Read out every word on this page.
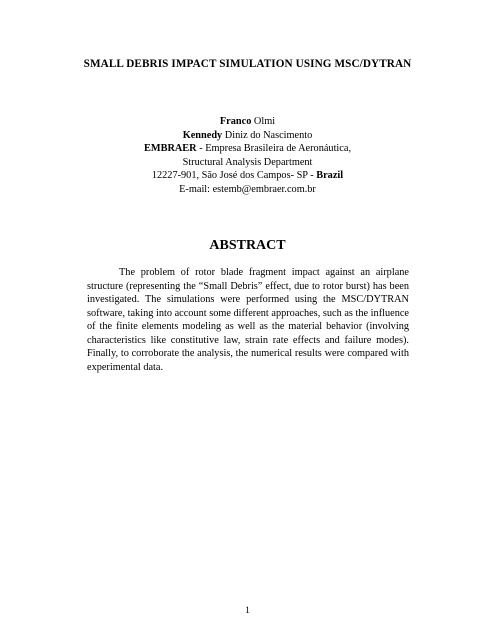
SMALL DEBRIS IMPACT SIMULATION USING MSC/DYTRAN
Franco Olmi
Kennedy Diniz do Nascimento
EMBRAER - Empresa Brasileira de Aeronáutica,
Structural Analysis Department
12227-901, São José dos Campos- SP - Brazil
E-mail: estemb@embraer.com.br
ABSTRACT
The problem of rotor blade fragment impact against an airplane structure (representing the “Small Debris” effect, due to rotor burst) has been investigated. The simulations were performed using the MSC/DYTRAN software, taking into account some different approaches, such as the influence of the finite elements modeling as well as the material behavior (involving characteristics like constitutive law, strain rate effects and failure modes). Finally, to corroborate the analysis, the numerical results were compared with experimental data.
1
